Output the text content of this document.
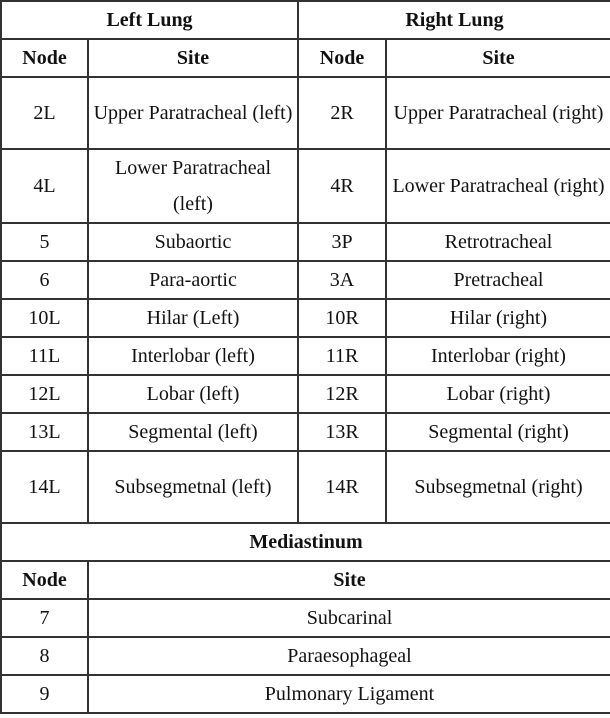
Left Lung		Right Lung	
Node	Site	Node	Site
2L	Upper Paratracheal (left)	2R	Upper Paratracheal (right)
4L	Lower Paratracheal (left)	4R	Lower Paratracheal (right)
5	Subaortic	3P	Retrotracheal
6	Para-aortic	3A	Pretracheal
10L	Hilar (Left)	10R	Hilar (right)
11L	Interlobar (left)	11R	Interlobar (right)
12L	Lobar (left)	12R	Lobar (right)
13L	Segmental (left)	13R	Segmental (right)
14L	Subsegmetnal (left)	14R	Subsegmetnal (right)
Mediastinum			
Node	Site		
7	Subcarinal		
8	Paraesophageal		
9	Pulmonary Ligament		
